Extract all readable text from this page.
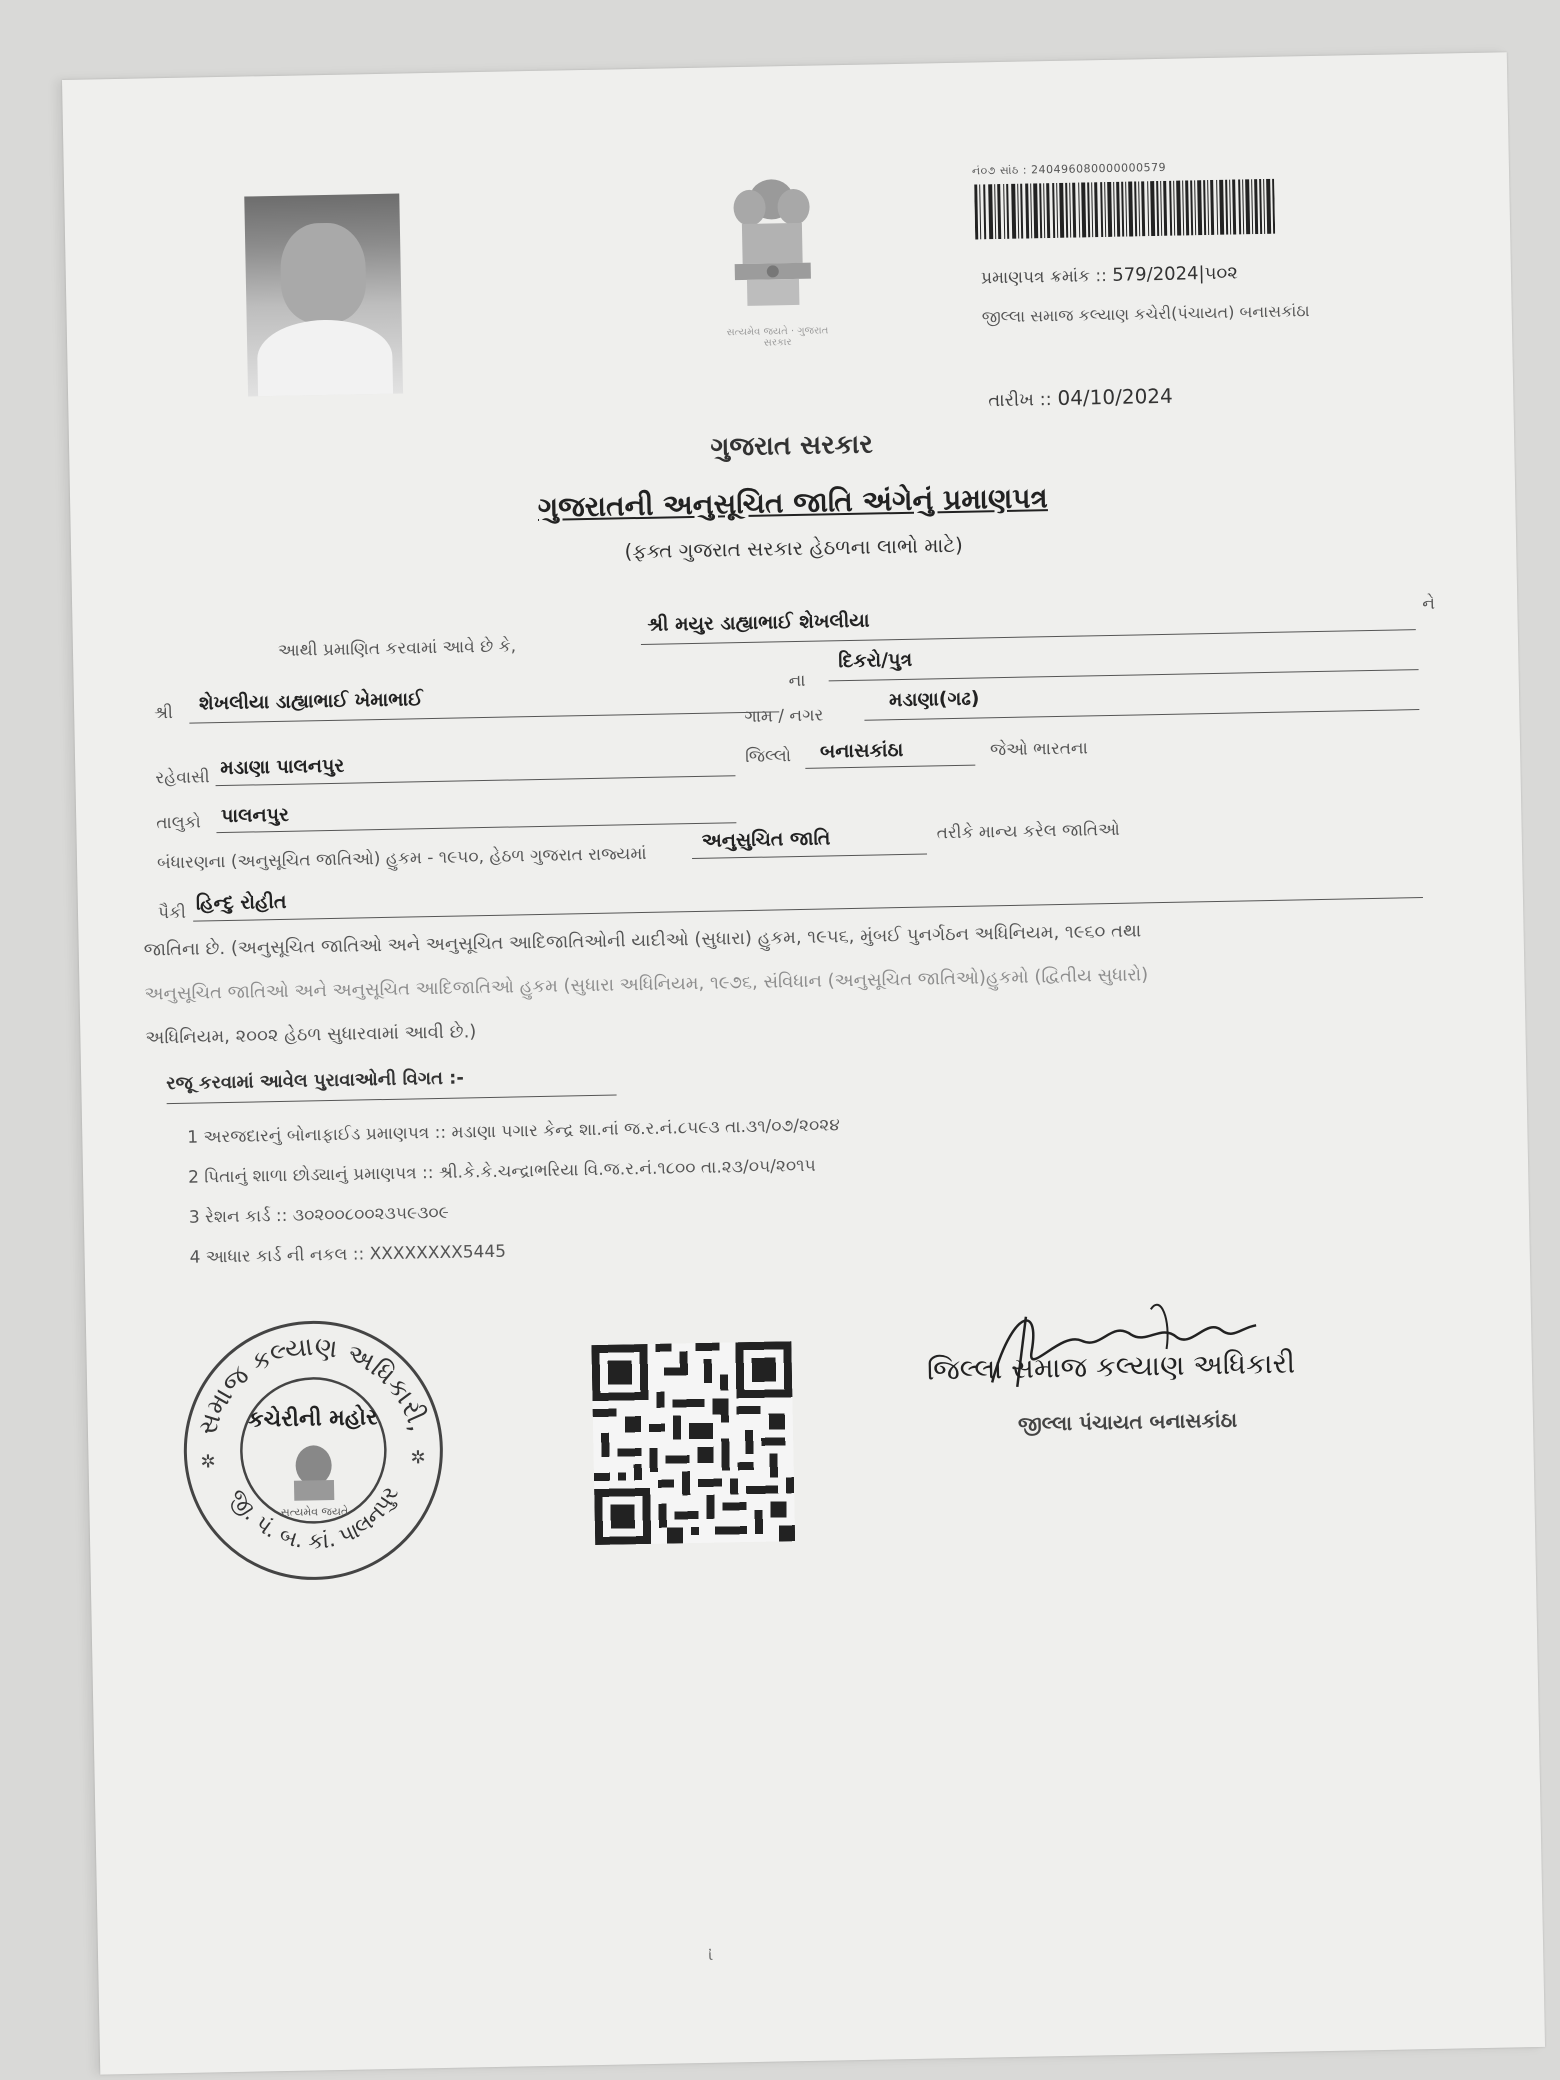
સત્યમેવ જયતે · ગુજરાત સરકાર
નં૦૭ સાંઠ : 240496080000000579
પ્રમાણપત્ર ક્રમાંક :: 579/2024|૫૦૨
જીલ્લા સમાજ કલ્યાણ કચેરી(પંચાયત) બનાસકાંઠા
તારીખ :: 04/10/2024
ગુજરાત સરકાર
ગુજરાતની અનુસૂચિત જાતિ અંગેનું પ્રમાણપત્ર
(ફક્ત ગુજરાત સરકાર હેઠળના લાભો માટે)
આથી પ્રમાણિત કરવામાં આવે છે કે,
શ્રી મયુર ડાહ્યાભાઈ શેખલીયા
ને
શ્રી શેખલીયા ડાહ્યાભાઈ ખેમાભાઈ
ના
દિકરો/પુત્ર
ગામ / નગર
મડાણા(ગઢ)
રહેવાસી મડાણા પાલનપુર	જિલ્લો બનાસકાંઠા	જેઓ ભારતના
તાલુકો પાલનપુર
બંધારણના (અનુસૂચિત જાતિઓ) હુકમ - ૧૯૫૦, હેઠળ ગુજરાત રાજ્યમાં
અનુસુચિત જાતિ	તરીકે માન્ય કરેલ જાતિઓ
પૈકી હિન્દુ રોહીત
જાતિના છે. (અનુસૂચિત જાતિઓ અને અનુસૂચિત આદિજાતિઓની યાદીઓ (સુધારા) હુકમ, ૧૯૫૬, મુંબઈ પુનર્ગઠન અધિનિયમ, ૧૯૬૦ તથા
અનુસૂચિત જાતિઓ અને અનુસૂચિત આદિજાતિઓ હુકમ (સુધારા અધિનિયમ, ૧૯૭૬, સંવિધાન (અનુસૂચિત જાતિઓ)હુકમો (દ્વિતીય સુધારો)
અધિનિયમ, ૨૦૦૨ હેઠળ સુધારવામાં આવી છે.)
રજૂ કરવામાં આવેલ પુરાવાઓની વિગત :-
1 અરજદારનું બોનાફાઈડ પ્રમાણપત્ર :: મડાણા પગાર કેન્દ્ર શા.નાં જ.ર.નં.૮૫૯૩ તા.૩૧/૦૭/૨૦૨૪
2 પિતાનું શાળા છોડ્યાનું પ્રમાણપત્ર :: શ્રી.કે.કે.ચન્દ્રાભરિયા વિ.જ.ર.નં.૧૮૦૦ તા.૨૩/૦૫/૨૦૧૫
3 રેશન કાર્ડ :: ૩૦૨૦૦૮૦૦૨૩૫૯૩૦૯
4 આધાર કાર્ડ ની નકલ :: XXXXXXXX5445
સમાજ કલ્યાણ અધિકારી,
જી. પં. બ. કાં. પાલનપુર
કચેરીની મહોર
સત્યમેવ જયતે
✲	✲
જિલ્લા સમાજ કલ્યાણ અધિકારી
જીલ્લા પંચાયત બનાસકાંઠા
ἰ
